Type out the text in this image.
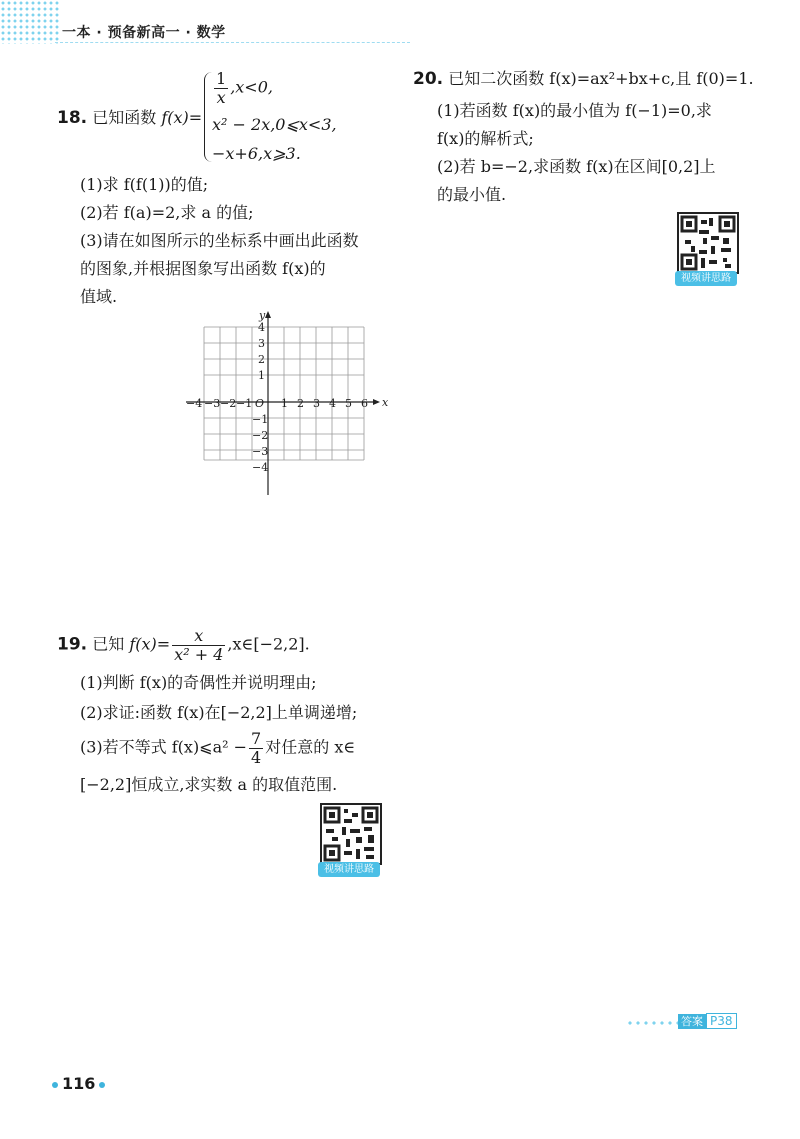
一本 · 预备新高一 · 数学
18. 已知函数 f(x)=
$\frac{1}{x} ,x<0$,
x² − 2x,0⩽x<3,
−x+6,x⩾3.
(1)求 f(f(1))的值;
(2)若 f(a)=2,求 a 的值;
(3)请在如图所示的坐标系中画出此函数
的图象,并根据图象写出函数 f(x)的
值域.
x
y
O
−4 −3 −2 −1	1 2 3 4 5 6
1
2
3
4
−1
−2
−3
−4
19. 已知 $f(x)= \frac{x}{\text{x² + 4}}$ ,x∈[−2,2].
(1)判断 f(x)的奇偶性并说明理由;
(2)求证:函数 f(x)在[−2,2]上单调递增;
(3)若不等式 f(x)⩽a² − $\frac{7}{4}$ 对任意的 x∈
[−2,2]恒成立,求实数 a 的取值范围.
视频讲思路
20. 已知二次函数 f(x)=ax²+bx+c,且 f(0)=1.
(1)若函数 f(x)的最小值为 f(−1)=0,求
f(x)的解析式;
(2)若 b=−2,求函数 f(x)在区间[0,2]上
的最小值.
视频讲思路
答案 P38
116
